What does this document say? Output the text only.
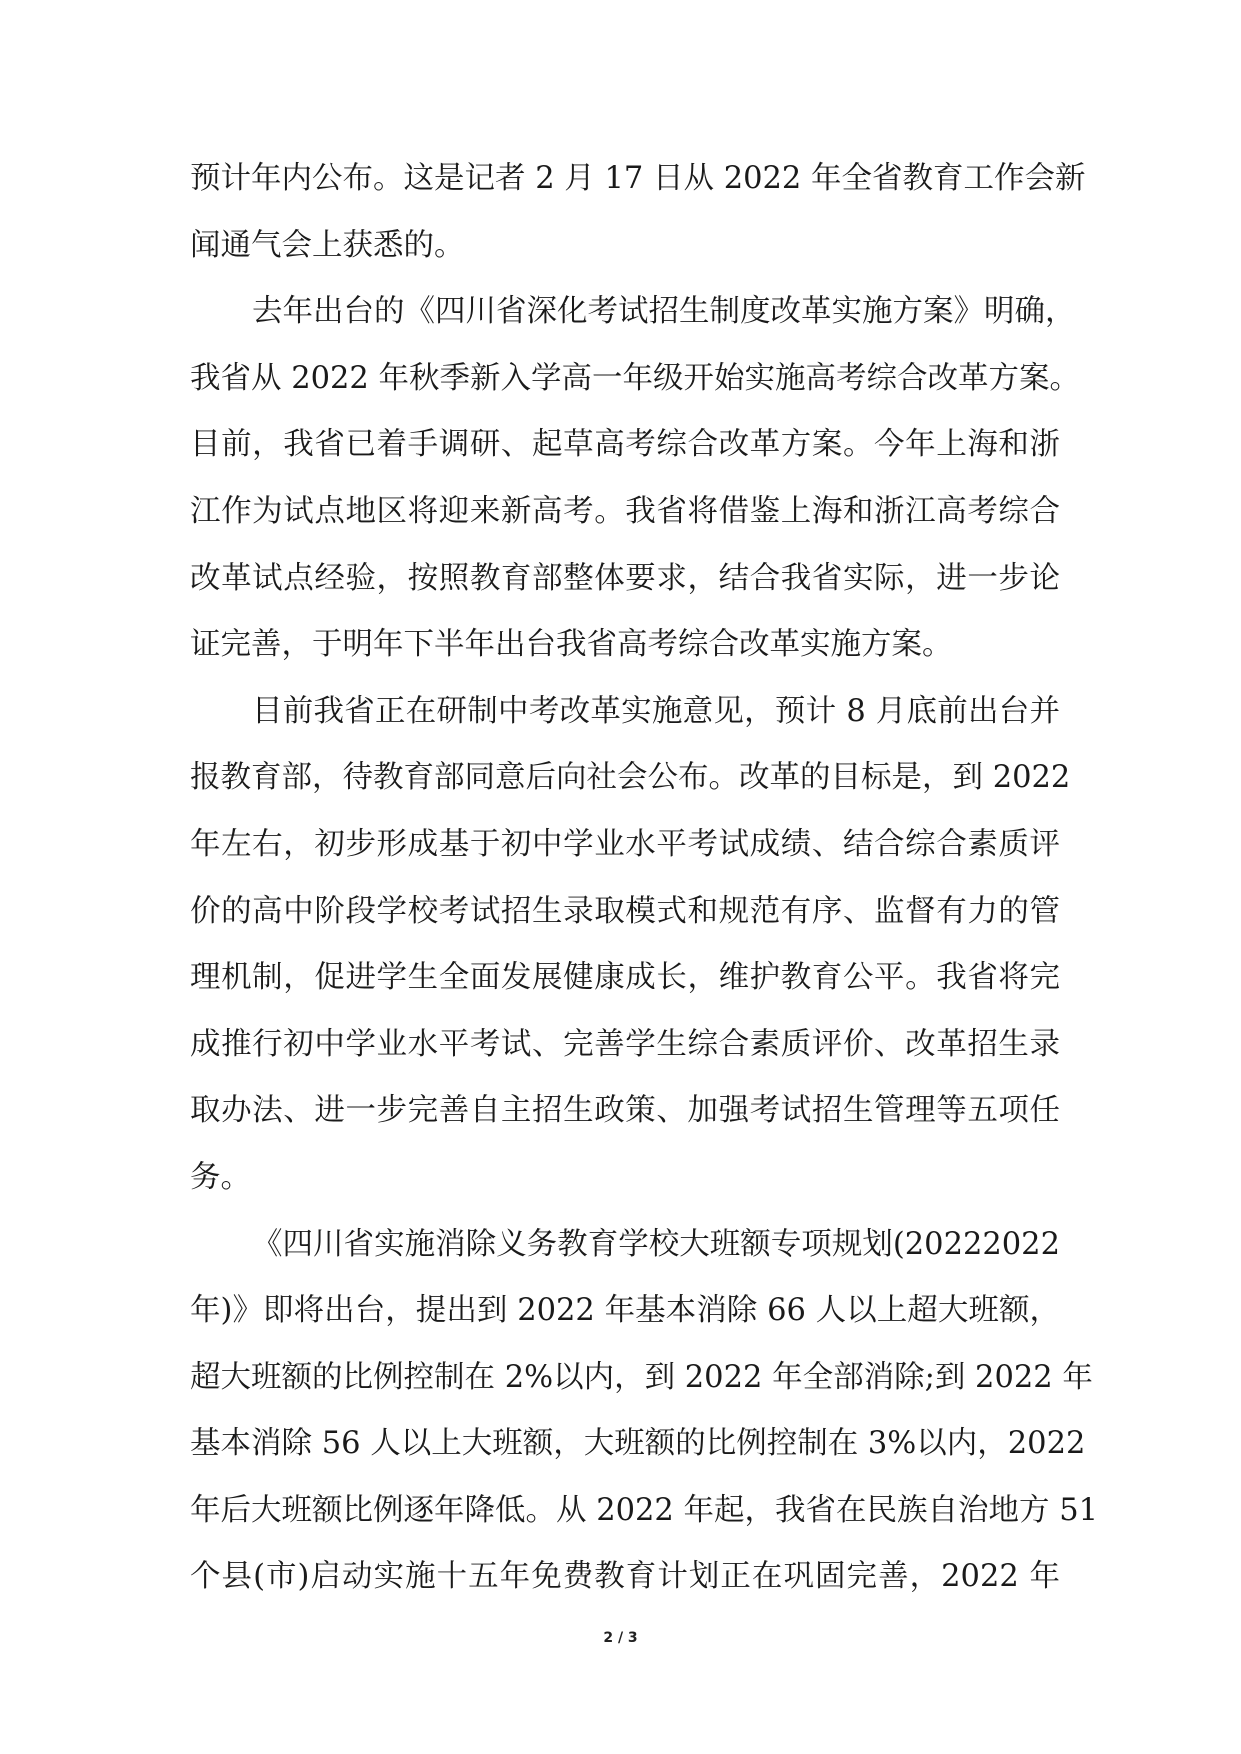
预计年内公布。这是记者 2 月 17 日从 2022 年全省教育工作会新
闻通气会上获悉的。
去年出台的《四川省深化考试招生制度改革实施方案》明确，
我省从 2022 年秋季新入学高一年级开始实施高考综合改革方案。
目前，我省已着手调研、起草高考综合改革方案。今年上海和浙
江作为试点地区将迎来新高考。我省将借鉴上海和浙江高考综合
改革试点经验，按照教育部整体要求，结合我省实际，进一步论
证完善，于明年下半年出台我省高考综合改革实施方案。
目前我省正在研制中考改革实施意见，预计 8 月底前出台并
报教育部，待教育部同意后向社会公布。改革的目标是，到 2022
年左右，初步形成基于初中学业水平考试成绩、结合综合素质评
价的高中阶段学校考试招生录取模式和规范有序、监督有力的管
理机制，促进学生全面发展健康成长，维护教育公平。我省将完
成推行初中学业水平考试、完善学生综合素质评价、改革招生录
取办法、进一步完善自主招生政策、加强考试招生管理等五项任
务。
《四川省实施消除义务教育学校大班额专项规划(20222022
年)》即将出台，提出到 2022 年基本消除 66 人以上超大班额，
超大班额的比例控制在 2%以内，到 2022 年全部消除;到 2022 年
基本消除 56 人以上大班额，大班额的比例控制在 3%以内，2022
年后大班额比例逐年降低。从 2022 年起，我省在民族自治地方 51
个县(市)启动实施十五年免费教育计划正在巩固完善，2022 年
2 / 3
